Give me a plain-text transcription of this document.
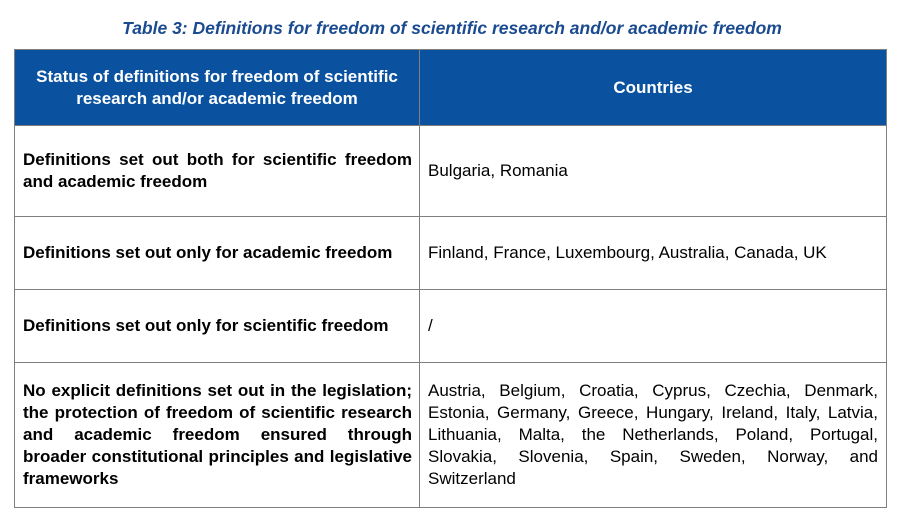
Table 3: Definitions for freedom of scientific research and/or academic freedom
Status of definitions for freedom of scientific research and/or academic freedom	Countries
Definitions set out both for scientific freedom and academic freedom	Bulgaria, Romania
Definitions set out only for academic freedom	Finland, France, Luxembourg, Australia, Canada, UK
Definitions set out only for scientific freedom	/
No explicit definitions set out in the legislation; the protection of freedom of scientific research and academic freedom ensured through broader constitutional principles and legislative frameworks	Austria, Belgium, Croatia, Cyprus, Czechia, Denmark, Estonia, Germany, Greece, Hungary, Ireland, Italy, Latvia, Lithuania, Malta, the Netherlands, Poland, Portugal, Slovakia, Slovenia, Spain, Sweden, Norway, and Switzerland
